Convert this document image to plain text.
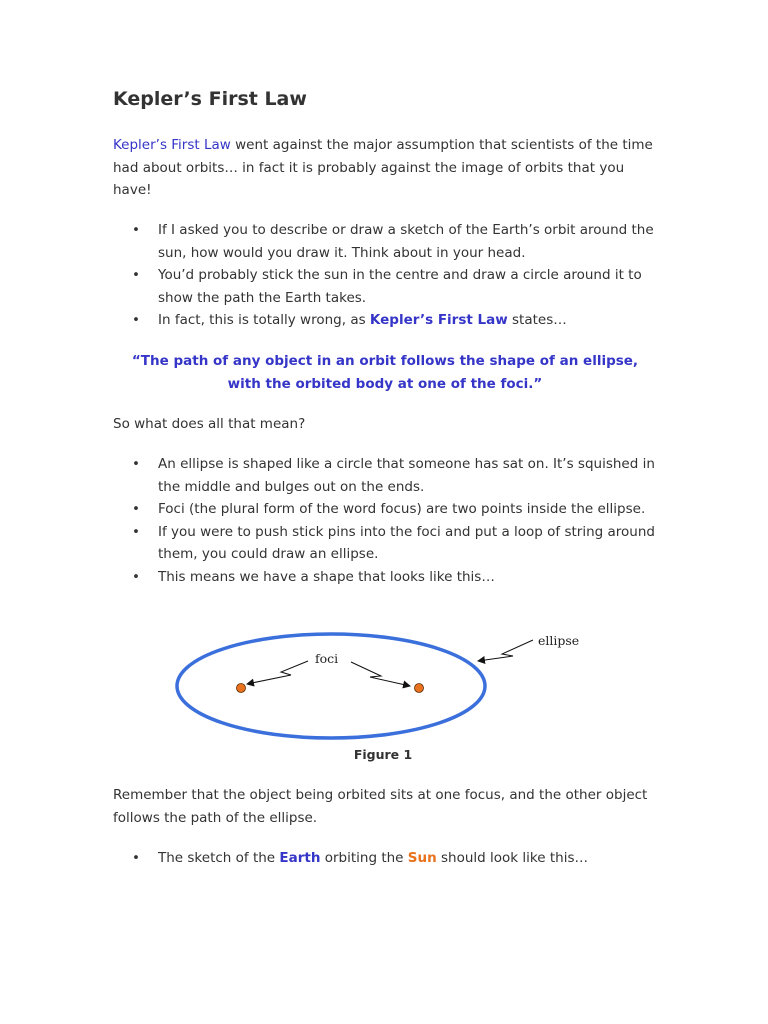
Kepler’s First Law

Kepler’s First Law went against the major assumption that scientists of the time had about orbits… in fact it is probably against the image of orbits that you have!

• If I asked you to describe or draw a sketch of the Earth’s orbit around the sun, how would you draw it. Think about in your head.
• You’d probably stick the sun in the centre and draw a circle around it to show the path the Earth takes.
• In fact, this is totally wrong, as Kepler’s First Law states…

“The path of any object in an orbit follows the shape of an ellipse,
with the orbited body at one of the foci.”

So what does all that mean?

• An ellipse is shaped like a circle that someone has sat on. It’s squished in the middle and bulges out on the ends.
• Foci (the plural form of the word focus) are two points inside the ellipse.
• If you were to push stick pins into the foci and put a loop of string around them, you could draw an ellipse.
• This means we have a shape that looks like this…
foci
ellipse

Figure 1

Remember that the object being orbited sits at one focus, and the other object follows the path of the ellipse.

• The sketch of the Earth orbiting the Sun should look like this…
